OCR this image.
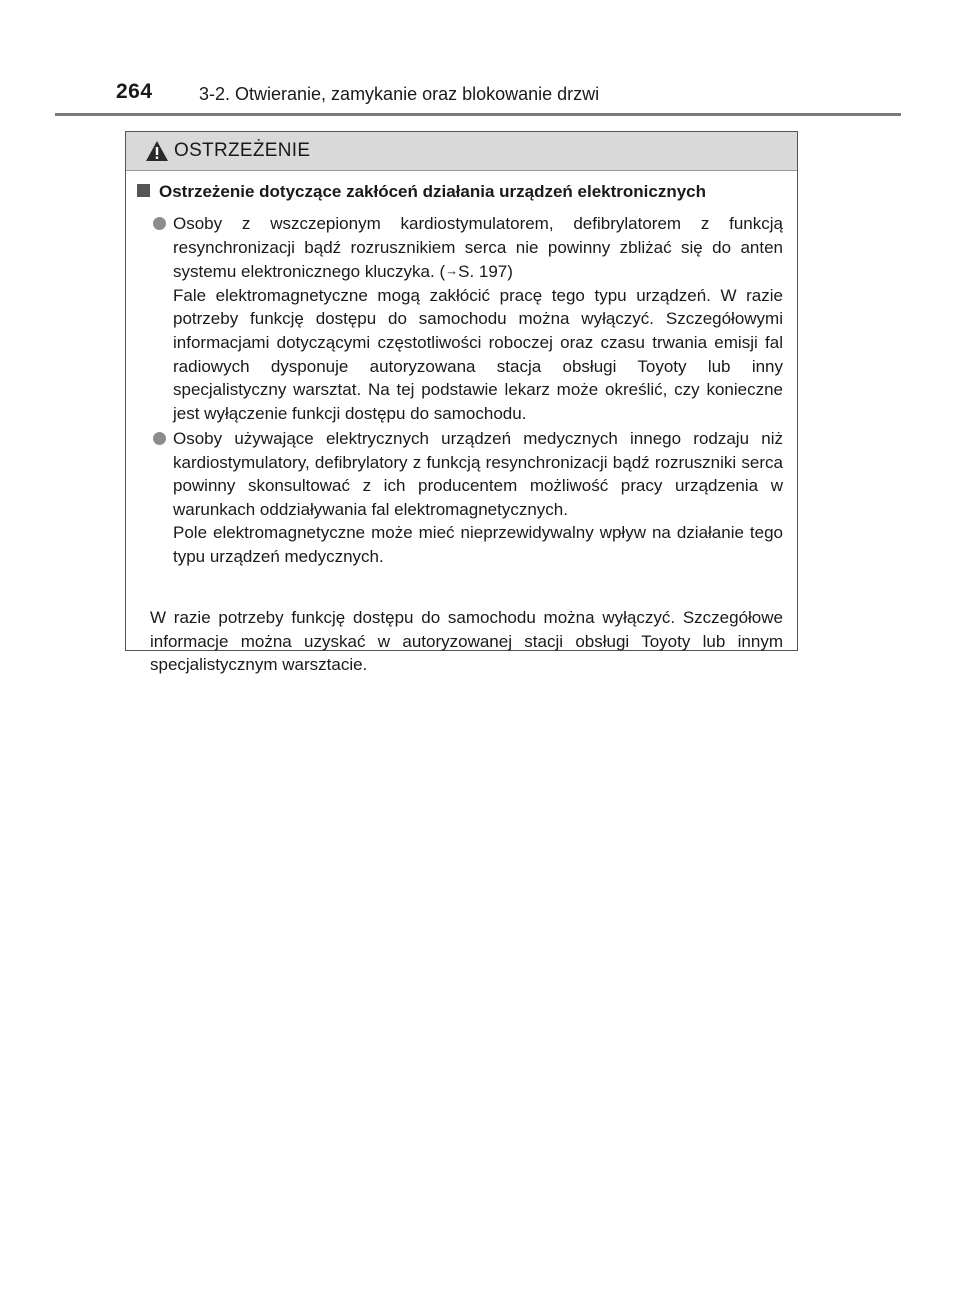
264	3-2. Otwieranie, zamykanie oraz blokowanie drzwi
OSTRZEŻENIE
Ostrzeżenie dotyczące zakłóceń działania urządzeń elektronicznych

Osoby z wszczepionym kardiostymulatorem, defibrylatorem z funkcją resynchronizacji bądź rozrusznikiem serca nie powinny zbliżać się do anten systemu elektronicznego kluczyka. (→S. 197)

Fale elektromagnetyczne mogą zakłócić pracę tego typu urządzeń. W razie potrzeby funkcję dostępu do samochodu można wyłączyć. Szczegółowymi informacjami dotyczącymi częstotliwości roboczej oraz czasu trwania emisji fal radiowych dysponuje autoryzowana stacja obsługi Toyoty lub inny specjalistyczny warsztat. Na tej podstawie lekarz może określić, czy konieczne jest wyłączenie funkcji dostępu do samochodu.

Osoby używające elektrycznych urządzeń medycznych innego rodzaju niż kardiostymulatory, defibrylatory z funkcją resynchronizacji bądź rozruszniki serca powinny skonsultować z ich producentem możliwość pracy urządzenia w warunkach oddziaływania fal elektromagnetycznych.

Pole elektromagnetyczne może mieć nieprzewidywalny wpływ na działanie tego typu urządzeń medycznych.

W razie potrzeby funkcję dostępu do samochodu można wyłączyć. Szczegółowe informacje można uzyskać w autoryzowanej stacji obsługi Toyoty lub innym specjalistycznym warsztacie.
